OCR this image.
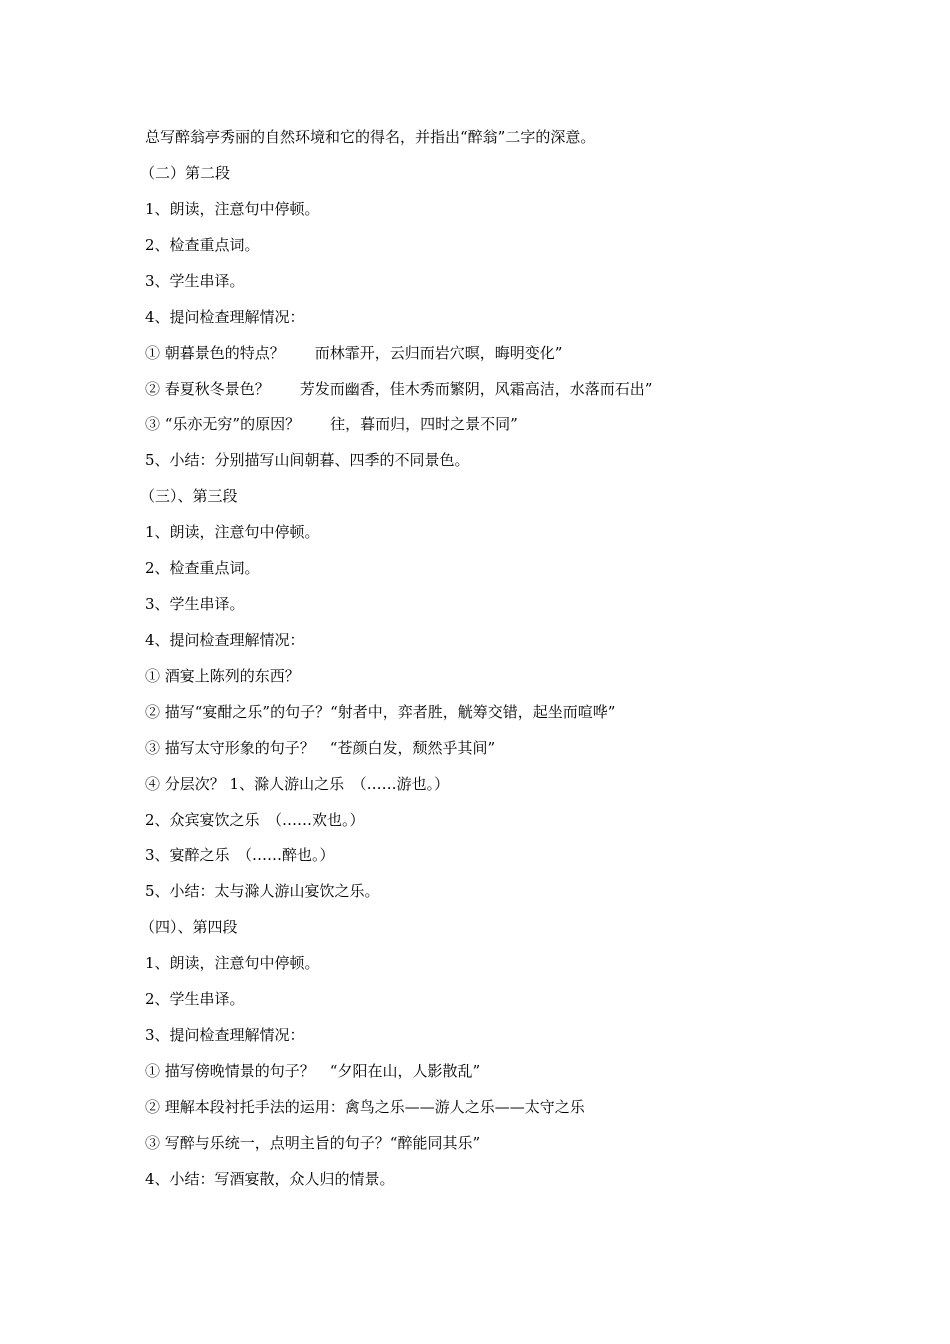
总写醉翁亭秀丽的自然环境和它的得名，并指出“醉翁”二字的深意。
（二）第二段
1、朗读，注意句中停顿。
2、检查重点词。
3、学生串译。
4、提问检查理解情况：
① 朝暮景色的特点？　　而林霏开，云归而岩穴暝，晦明变化”
② 春夏秋冬景色？　　芳发而幽香，佳木秀而繁阴，风霜高洁，水落而石出”
③ “乐亦无穷”的原因？　　往，暮而归，四时之景不同”
5、小结：分别描写山间朝暮、四季的不同景色。
（三）、第三段
1、朗读，注意句中停顿。
2、检查重点词。
3、学生串译。
4、提问检查理解情况：
① 酒宴上陈列的东西？
② 描写“宴酣之乐”的句子？“射者中，弈者胜，觥筹交错，起坐而喧哗”
③ 描写太守形象的句子？　“苍颜白发，颓然乎其间”
④ 分层次？ 1、滁人游山之乐　（……游也。）
2、众宾宴饮之乐　（……欢也。）
3、宴醉之乐　（……醉也。）
5、小结：太与滁人游山宴饮之乐。
（四）、第四段
1、朗读，注意句中停顿。
2、学生串译。
3、提问检查理解情况：
① 描写傍晚情景的句子？　“夕阳在山，人影散乱”
② 理解本段衬托手法的运用：禽鸟之乐——游人之乐——太守之乐
③ 写醉与乐统一，点明主旨的句子？“醉能同其乐”
4、小结：写酒宴散，众人归的情景。
